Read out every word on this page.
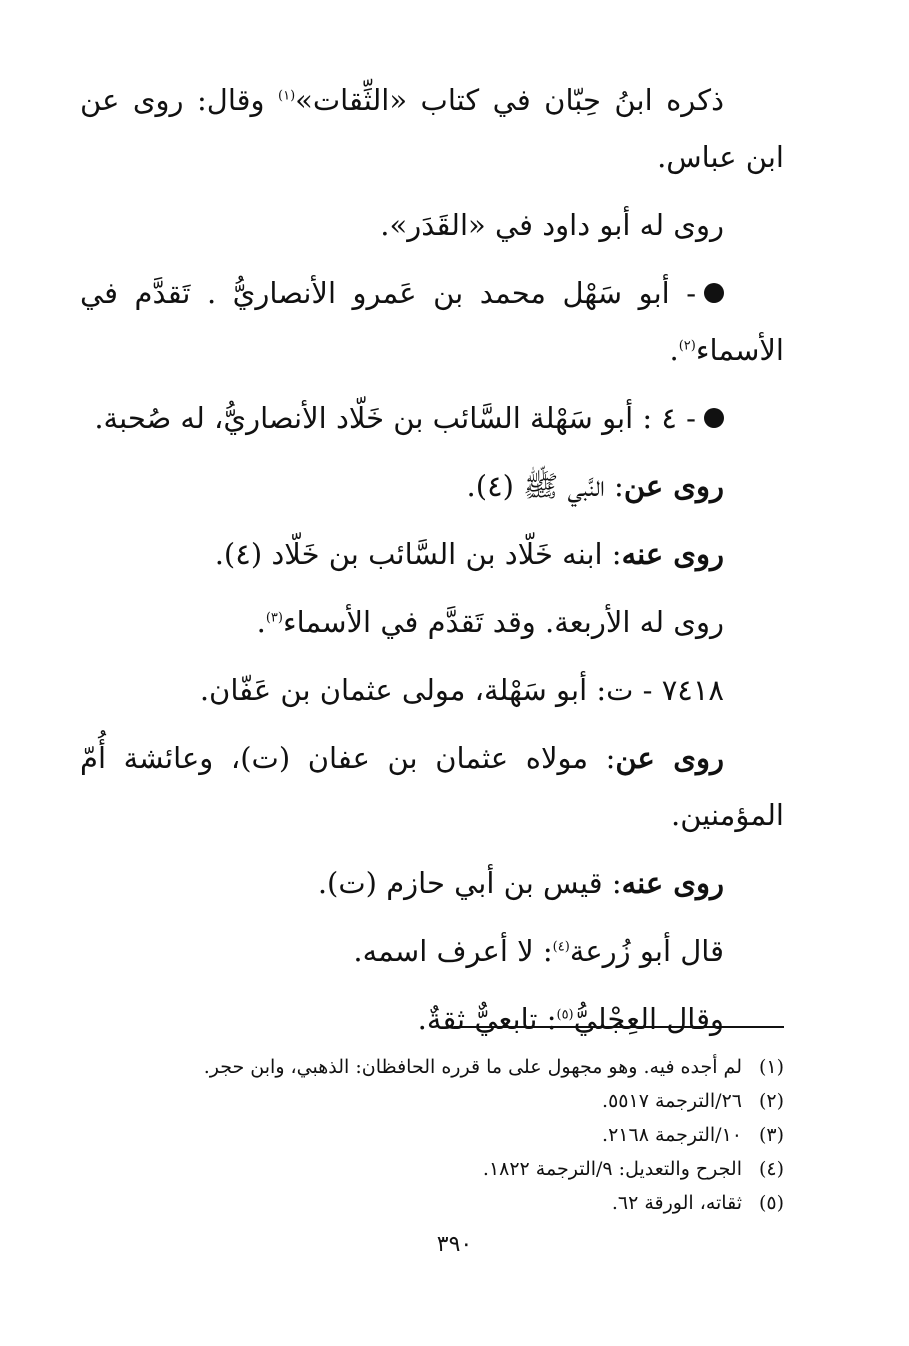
ذكره ابنُ حِبّان في كتاب «الثِّقات»$^{(١)}$ وقال: روى عن ابن عباس.

روى له أبو داود في «القَدَر».

- أبو سَهْل محمد بن عَمرو الأنصاريُّ . تَقدَّم في الأسماء$^{(٢)}$.

- ٤ : أبو سَهْلة السَّائب بن خَلّاد الأنصاريُّ، له صُحبة.

روى عن: النَّبي ﷺ (٤).

روى عنه: ابنه خَلّاد بن السَّائب بن خَلّاد (٤).

روى له الأربعة. وقد تَقدَّم في الأسماء$^{(٣)}$.

٧٤١٨ - ت: أبو سَهْلة، مولى عثمان بن عَفّان.

روى عن: مولاه عثمان بن عفان (ت)، وعائشة أُمّ المؤمنين.

روى عنه: قيس بن أبي حازم (ت).

قال أبو زُرعة$^{(٤)}$: لا أعرف اسمه.

وقال العِجْليُّ$^{(٥)}$: تابعيٌّ ثقةٌ.

(١)لم أجده فيه. وهو مجهول على ما قرره الحافظان: الذهبي، وابن حجر.
(٢)٢٦/الترجمة ٥٥١٧.
(٣)١٠/الترجمة ٢١٦٨.
(٤)الجرح والتعديل: ٩/الترجمة ١٨٢٢.
(٥)ثقاته، الورقة ٦٢.
٣٩٠
